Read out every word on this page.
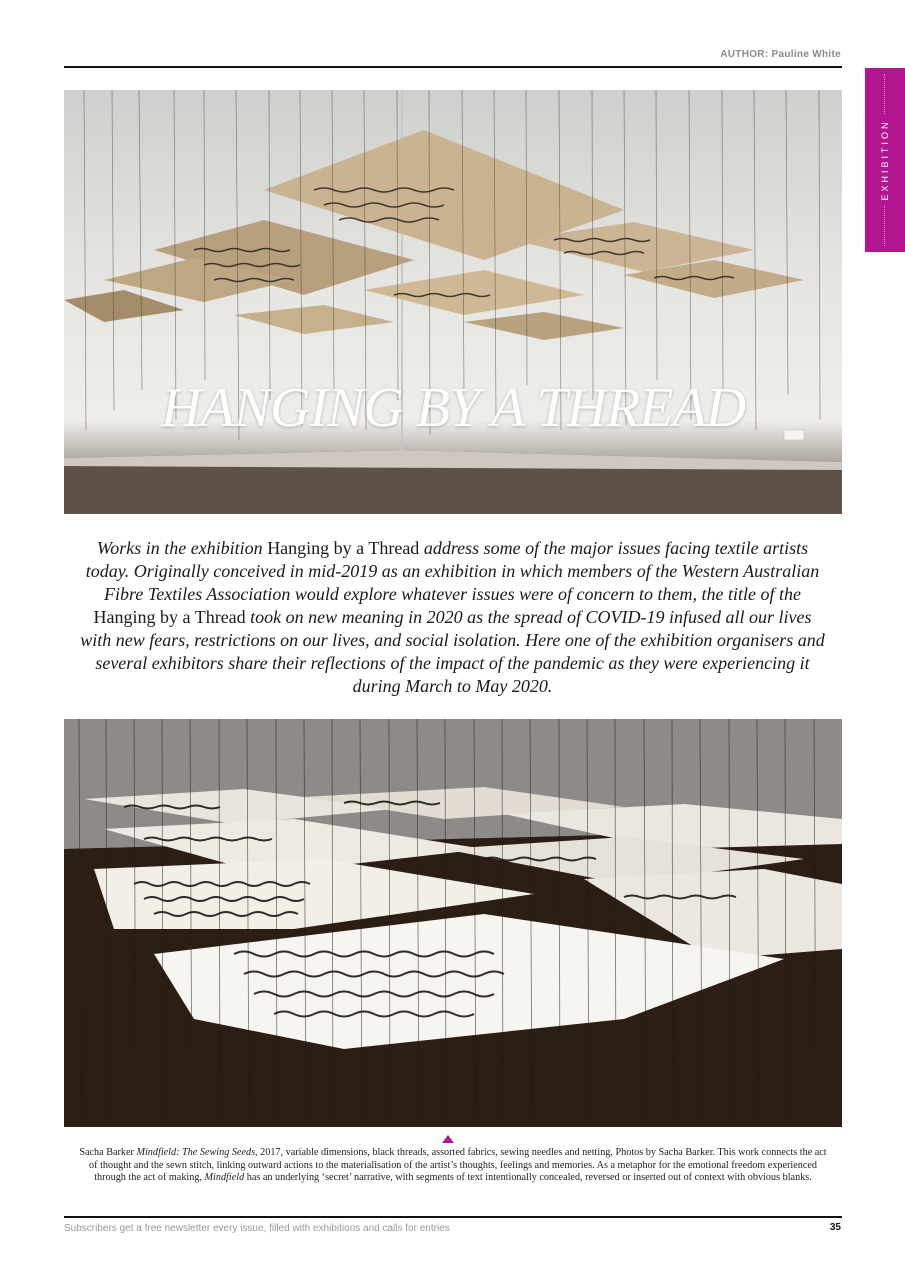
AUTHOR: Pauline White
EXHIBITION
HANGING BY A THREAD
Works in the exhibition Hanging by a Thread address some of the major issues facing textile artists today. Originally conceived in mid-2019 as an exhibition in which members of the Western Australian Fibre Textiles Association would explore whatever issues were of concern to them, the title of the Hanging by a Thread took on new meaning in 2020 as the spread of COVID-19 infused all our lives with new fears, restrictions on our lives, and social isolation. Here one of the exhibition organisers and several exhibitors share their reflections of the impact of the pandemic as they were experiencing it during March to May 2020.
Sacha Barker Mindfield: The Sewing Seeds, 2017, variable dimensions, black threads, assorted fabrics, sewing needles and netting, Photos by Sacha Barker. This work connects the act of thought and the sewn stitch, linking outward actions to the materialisation of the artist’s thoughts, feelings and memories. As a metaphor for the emotional freedom experienced through the act of making, Mindfield has an underlying ‘secret’ narrative, with segments of text intentionally concealed, reversed or inserted out of context with obvious blanks.
Subscribers get a free newsletter every issue, filled with exhibitions and calls for entries	35
